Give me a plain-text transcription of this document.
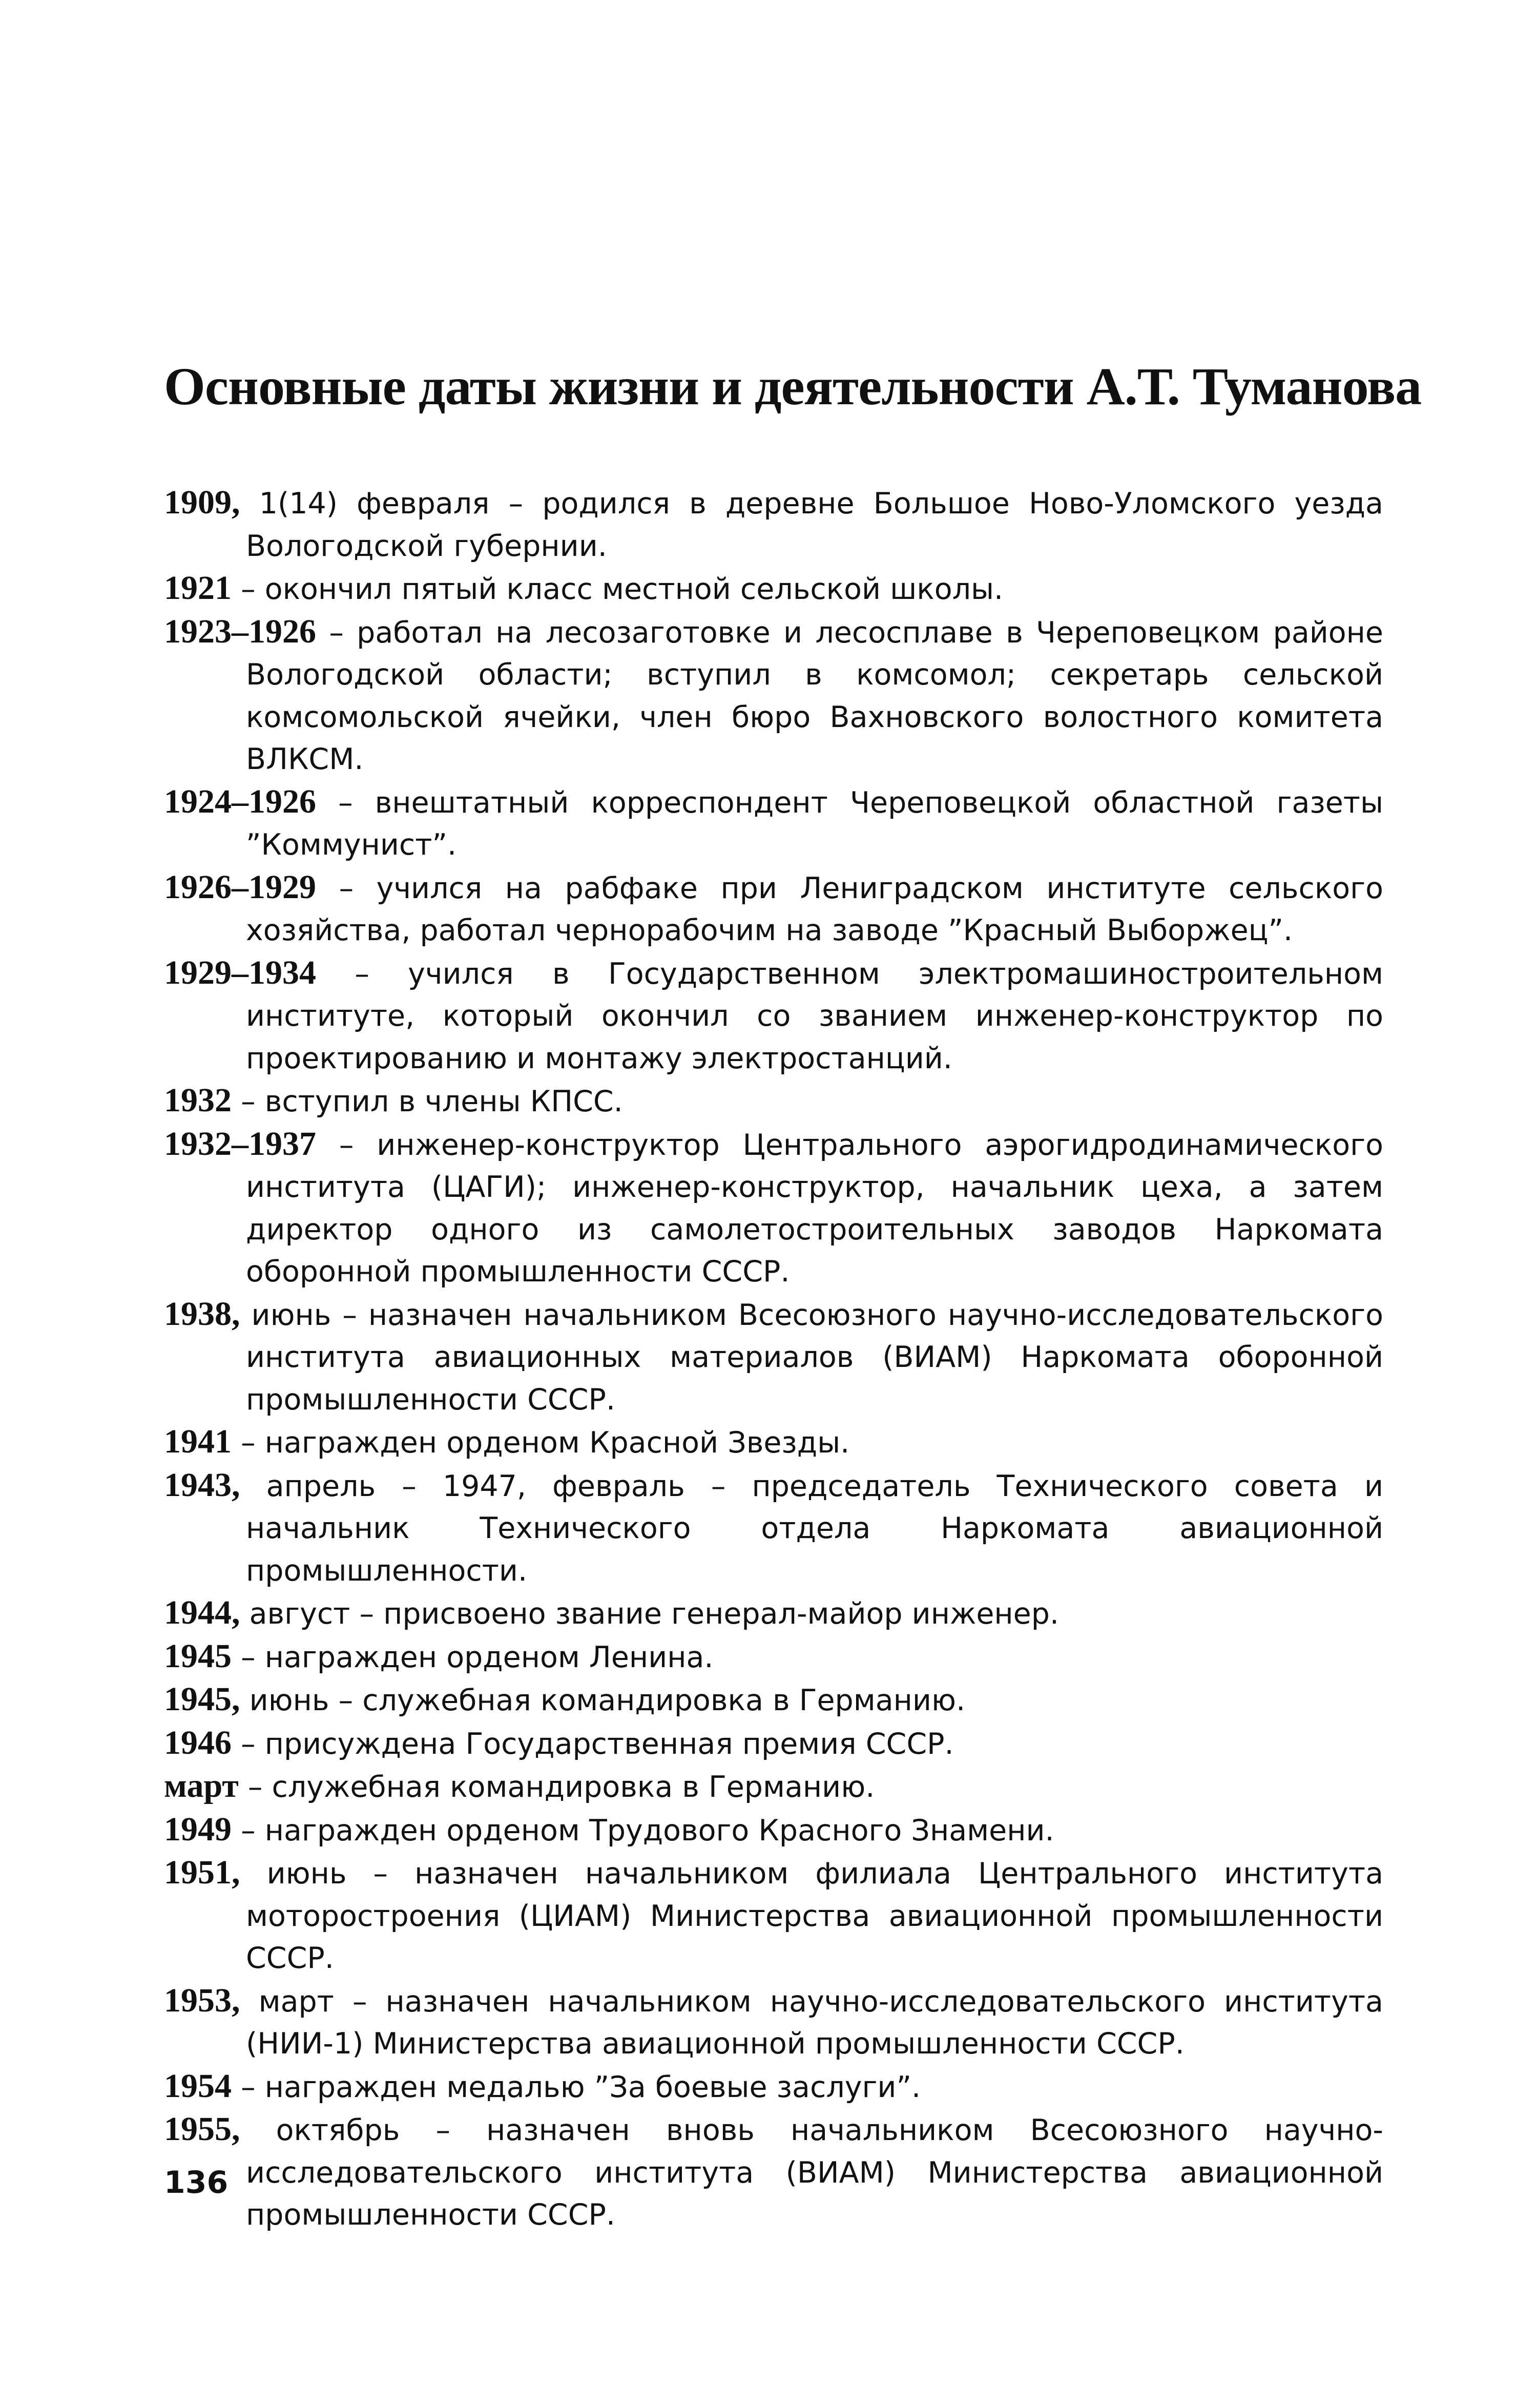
Основные даты жизни и деятельности А.Т. Туманова
1909, 1(14) февраля – родился в деревне Большое Ново-Уломского уезда Вологодской губернии.
1921 – окончил пятый класс местной сельской школы.
1923–1926 – работал на лесозаготовке и лесосплаве в Череповецком районе Вологодской области; вступил в комсомол; секретарь сельской комсомольской ячейки, член бюро Вахновского волостного комитета ВЛКСМ.
1924–1926 – внештатный корреспондент Череповецкой областной газеты ”Коммунист”.
1926–1929 – учился на рабфаке при Лениградском институте сельского хозяйства, работал чернорабочим на заводе ”Красный Выборжец”.
1929–1934 – учился в Государственном электромашиностроительном институте, который окончил со званием инженер-конструктор по проектированию и монтажу электростанций.
1932 – вступил в члены КПСС.
1932–1937 – инженер-конструктор Центрального аэрогидродинамического института (ЦАГИ); инженер-конструктор, начальник цеха, а затем директор одного из самолетостроительных заводов Наркомата оборонной промышленности СССР.
1938, июнь – назначен начальником Всесоюзного научно-исследовательского института авиационных материалов (ВИАМ) Наркомата оборонной промышленности СССР.
1941 – награжден орденом Красной Звезды.
1943, апрель – 1947, февраль – председатель Технического совета и начальник Технического отдела Наркомата авиационной промышленности.
1944, август – присвоено звание генерал-майор инженер.
1945 – награжден орденом Ленина.
1945, июнь – служебная командировка в Германию.
1946 – присуждена Государственная премия СССР.
март – служебная командировка в Германию.
1949 – награжден орденом Трудового Красного Знамени.
1951, июнь – назначен начальником филиала Центрального института моторостроения (ЦИАМ) Министерства авиационной промышленности СССР.
1953, март – назначен начальником научно-исследовательского института (НИИ-1) Министерства авиационной промышленности СССР.
1954 – награжден медалью ”За боевые заслуги”.
1955, октябрь – назначен вновь начальником Всесоюзного научно-исследовательского института (ВИАМ) Министерства авиационной промышленности СССР.
136
